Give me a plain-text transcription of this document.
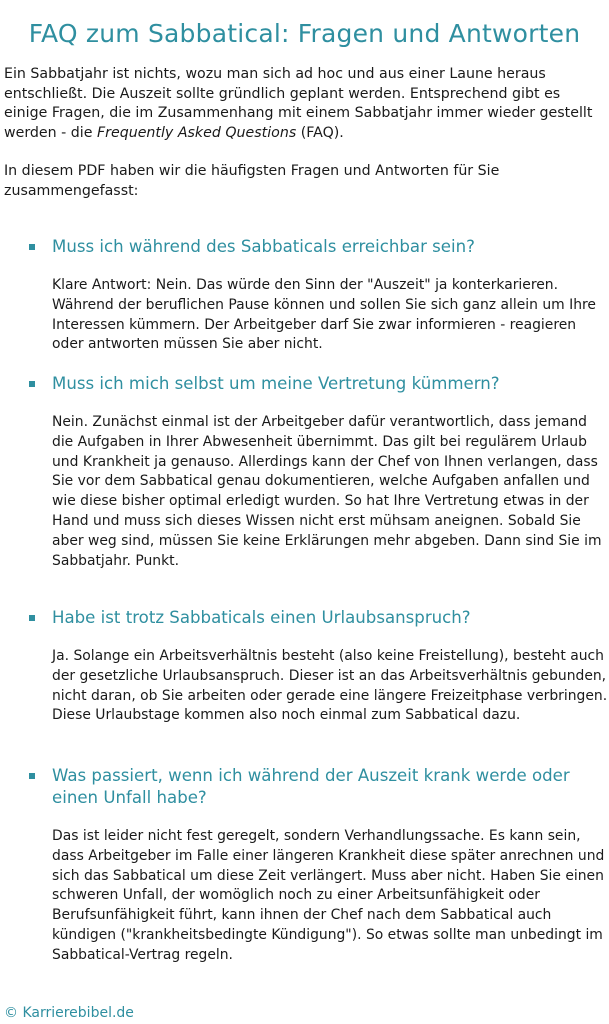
FAQ zum Sabbatical: Fragen und Antworten

Ein Sabbatjahr ist nichts, wozu man sich ad hoc und aus einer Laune heraus entschließt. Die Auszeit sollte gründlich geplant werden. Entsprechend gibt es einige Fragen, die im Zusammenhang mit einem Sabbatjahr immer wieder gestellt werden - die Frequently Asked Questions (FAQ).

In diesem PDF haben wir die häufigsten Fragen und Antworten für Sie zusammengefasst:

Muss ich während des Sabbaticals erreichbar sein?

Klare Antwort: Nein. Das würde den Sinn der "Auszeit" ja konterkarieren. Während der beruflichen Pause können und sollen Sie sich ganz allein um Ihre Interessen kümmern. Der Arbeitgeber darf Sie zwar informieren - reagieren oder antworten müssen Sie aber nicht.

Muss ich mich selbst um meine Vertretung kümmern?

Nein. Zunächst einmal ist der Arbeitgeber dafür verantwortlich, dass jemand die Aufgaben in Ihrer Abwesenheit übernimmt. Das gilt bei regulärem Urlaub und Krankheit ja genauso. Allerdings kann der Chef von Ihnen verlangen, dass Sie vor dem Sabbatical genau dokumentieren, welche Aufgaben anfallen und wie diese bisher optimal erledigt wurden. So hat Ihre Vertretung etwas in der Hand und muss sich dieses Wissen nicht erst mühsam aneignen. Sobald Sie aber weg sind, müssen Sie keine Erklärungen mehr abgeben. Dann sind Sie im Sabbatjahr. Punkt.

Habe ist trotz Sabbaticals einen Urlaubsanspruch?

Ja. Solange ein Arbeitsverhältnis besteht (also keine Freistellung), besteht auch der gesetzliche Urlaubsanspruch. Dieser ist an das Arbeitsverhältnis gebunden, nicht daran, ob Sie arbeiten oder gerade eine längere Freizeitphase verbringen. Diese Urlaubstage kommen also noch einmal zum Sabbatical dazu.

Was passiert, wenn ich während der Auszeit krank werde oder einen Unfall habe?

Das ist leider nicht fest geregelt, sondern Verhandlungssache. Es kann sein, dass Arbeitgeber im Falle einer längeren Krankheit diese später anrechnen und sich das Sabbatical um diese Zeit verlängert. Muss aber nicht. Haben Sie einen schweren Unfall, der womöglich noch zu einer Arbeitsunfähigkeit oder Berufsunfähigkeit führt, kann ihnen der Chef nach dem Sabbatical auch kündigen ("krankheitsbedingte Kündigung"). So etwas sollte man unbedingt im Sabbatical-Vertrag regeln.

© Karrierebibel.de
